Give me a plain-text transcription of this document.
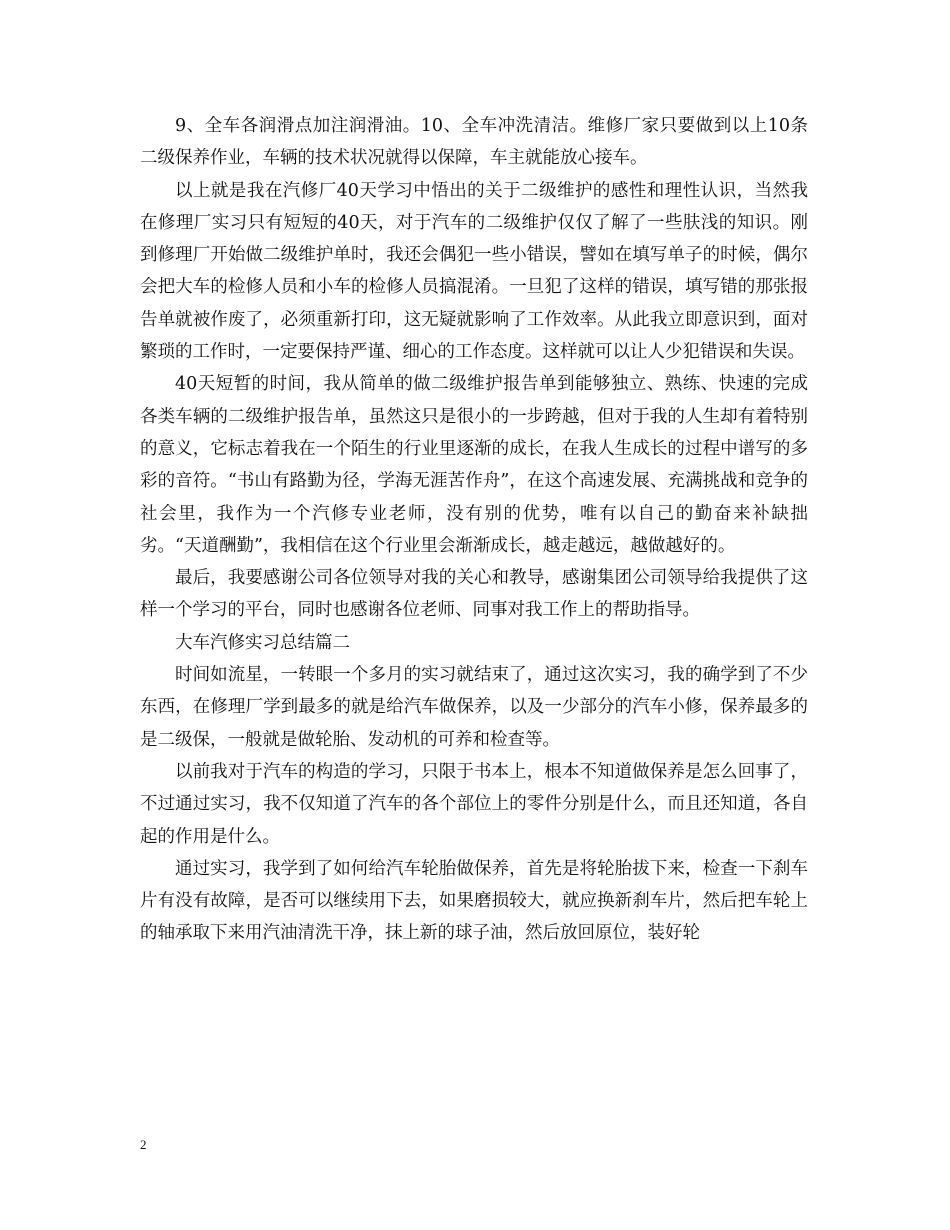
9、全车各润滑点加注润滑油。10、全车冲洗清洁。维修厂家只要做到以上10条二级保养作业，车辆的技术状况就得以保障，车主就能放心接车。

以上就是我在汽修厂40天学习中悟出的关于二级维护的感性和理性认识，当然我在修理厂实习只有短短的40天，对于汽车的二级维护仅仅了解了一些肤浅的知识。刚到修理厂开始做二级维护单时，我还会偶犯一些小错误，譬如在填写单子的时候，偶尔会把大车的检修人员和小车的检修人员搞混淆。一旦犯了这样的错误，填写错的那张报告单就被作废了，必须重新打印，这无疑就影响了工作效率。从此我立即意识到，面对繁琐的工作时，一定要保持严谨、细心的工作态度。这样就可以让人少犯错误和失误。

40天短暂的时间，我从简单的做二级维护报告单到能够独立、熟练、快速的完成各类车辆的二级维护报告单，虽然这只是很小的一步跨越，但对于我的人生却有着特别的意义，它标志着我在一个陌生的行业里逐渐的成长，在我人生成长的过程中谱写的多彩的音符。“书山有路勤为径，学海无涯苦作舟”，在这个高速发展、充满挑战和竞争的社会里，我作为一个汽修专业老师，没有别的优势，唯有以自己的勤奋来补缺拙劣。“天道酬勤”，我相信在这个行业里会渐渐成长，越走越远，越做越好的。

最后，我要感谢公司各位领导对我的关心和教导，感谢集团公司领导给我提供了这样一个学习的平台，同时也感谢各位老师、同事对我工作上的帮助指导。

大车汽修实习总结篇二

时间如流星，一转眼一个多月的实习就结束了，通过这次实习，我的确学到了不少东西，在修理厂学到最多的就是给汽车做保养，以及一少部分的汽车小修，保养最多的是二级保，一般就是做轮胎、发动机的可养和检查等。

以前我对于汽车的构造的学习，只限于书本上，根本不知道做保养是怎么回事了，不过通过实习，我不仅知道了汽车的各个部位上的零件分别是什么，而且还知道，各自起的作用是什么。

通过实习，我学到了如何给汽车轮胎做保养，首先是将轮胎拔下来，检查一下刹车片有没有故障，是否可以继续用下去，如果磨损较大，就应换新刹车片，然后把车轮上的轴承取下来用汽油清洗干净，抹上新的球子油，然后放回原位，装好轮

2
